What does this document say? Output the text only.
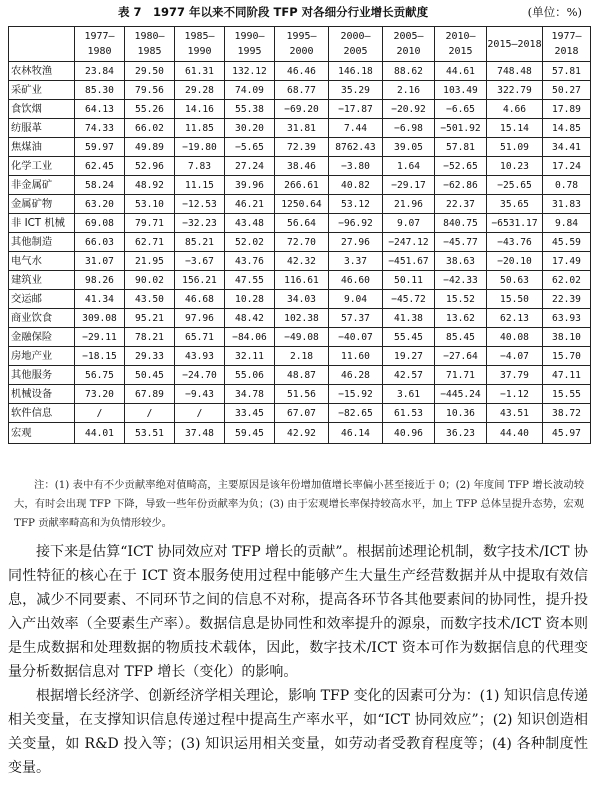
表 7　1977 年以来不同阶段 TFP 对各细分行业增长贡献度	(单位：%)
	1977—1980	1980—1985	1985—1990	1990—1995	1995—2000	2000—2005	2005—2010	2010—2015	2015—2018	1977—2018
农林牧渔	23.84	29.50	61.31	132.12	46.46	146.18	88.62	44.61	748.48	57.81
采矿业	85.30	79.56	29.28	74.09	68.77	35.29	2.16	103.49	322.79	50.27
食饮烟	64.13	55.26	14.16	55.38	−69.20	−17.87	−20.92	−6.65	4.66	17.89
纺服革	74.33	66.02	11.85	30.20	31.81	7.44	−6.98	−501.92	15.14	14.85
焦煤油	59.97	49.89	−19.80	−5.65	72.39	8762.43	39.05	57.81	51.09	34.41
化学工业	62.45	52.96	7.83	27.24	38.46	−3.80	1.64	−52.65	10.23	17.24
非金属矿	58.24	48.92	11.15	39.96	266.61	40.82	−29.17	−62.86	−25.65	0.78
金属矿物	63.20	53.10	−12.53	46.21	1250.64	53.12	21.96	22.37	35.65	31.83
非 ICT 机械	69.08	79.71	−32.23	43.48	56.64	−96.92	9.07	840.75	−6531.17	9.84
其他制造	66.03	62.71	85.21	52.02	72.70	27.96	−247.12	−45.77	−43.76	45.59
电气水	31.07	21.95	−3.67	43.76	42.32	3.37	−451.67	38.63	−20.10	17.49
建筑业	98.26	90.02	156.21	47.55	116.61	46.60	50.11	−42.33	50.63	62.02
交运邮	41.34	43.50	46.68	10.28	34.03	9.04	−45.72	15.52	15.50	22.39
商业饮食	309.08	95.21	97.96	48.42	102.38	57.37	41.38	13.62	62.13	63.93
金融保险	−29.11	78.21	65.71	−84.06	−49.08	−40.07	55.45	85.45	40.08	38.10
房地产业	−18.15	29.33	43.93	32.11	2.18	11.60	19.27	−27.64	−4.07	15.70
其他服务	56.75	50.45	−24.70	55.06	48.87	46.28	42.57	71.71	37.79	47.11
机械设备	73.20	67.89	−9.43	34.78	51.56	−15.92	3.61	−445.24	−1.12	15.55
软件信息	/	/	/	33.45	67.07	−82.65	61.53	10.36	43.51	38.72
宏观	44.01	53.51	37.48	59.45	42.92	46.14	40.96	36.23	44.40	45.97
注：(1) 表中有不少贡献率绝对值畸高，主要原因是该年份增加值增长率偏小甚至接近于 0；(2) 年度间 TFP 增长波动较大，有时会出现 TFP 下降，导致一些年份贡献率为负；(3) 由于宏观增长率保持较高水平，加上 TFP 总体呈提升态势，宏观 TFP 贡献率畸高和为负情形较少。
接下来是估算“ICT 协同效应对 TFP 增长的贡献”。根据前述理论机制，数字技术/ICT 协同性特征的核心在于 ICT 资本服务使用过程中能够产生大量生产经营数据并从中提取有效信息，减少不同要素、不同环节之间的信息不对称，提高各环节各其他要素间的协同性，提升投入产出效率（全要素生产率）。数据信息是协同性和效率提升的源泉，而数字技术/ICT 资本则是生成数据和处理数据的物质技术载体，因此，数字技术/ICT 资本可作为数据信息的代理变量分析数据信息对 TFP 增长（变化）的影响。
根据增长经济学、创新经济学相关理论，影响 TFP 变化的因素可分为：(1) 知识信息传递相关变量，在支撑知识信息传递过程中提高生产率水平，如“ICT 协同效应”；(2) 知识创造相关变量，如 R&D 投入等；(3) 知识运用相关变量，如劳动者受教育程度等；(4) 各种制度性变量。
